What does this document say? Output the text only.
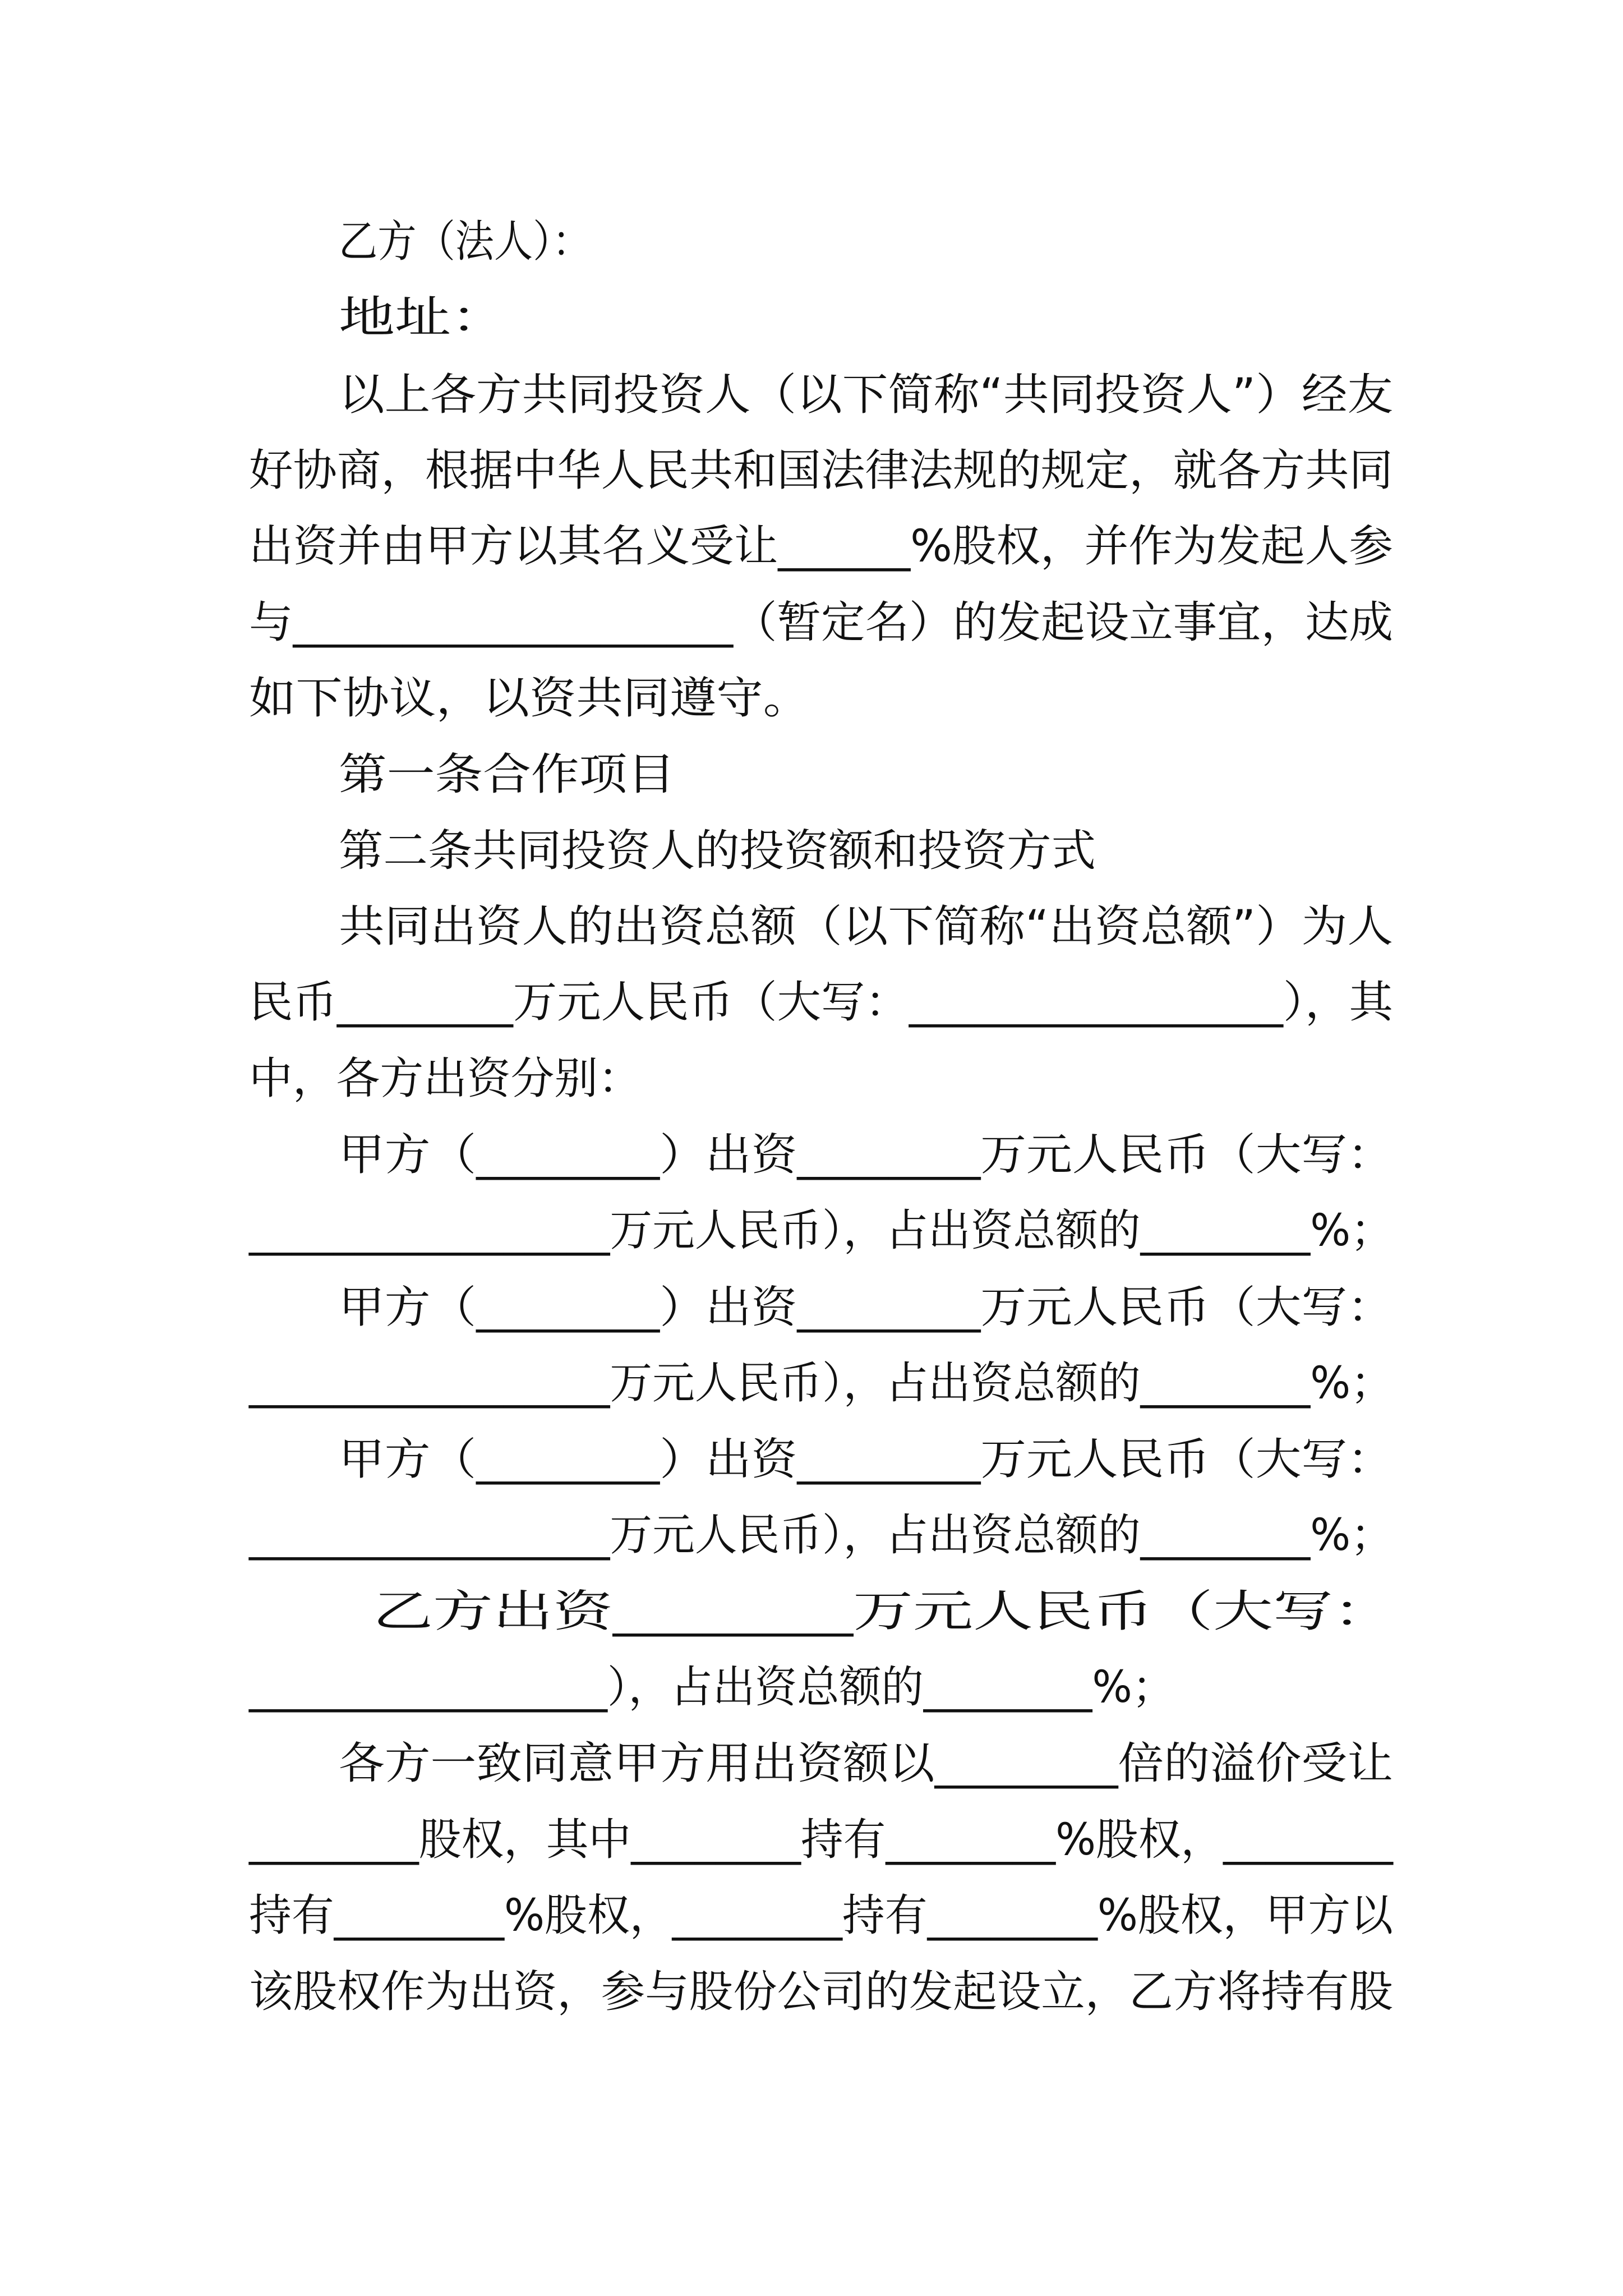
乙方（法人）：
地址：
以上各方共同投资人（以下简称“共同投资人”）经友
好协商，根据中华人民共和国法律法规的规定，就各方共同
出资并由甲方以其名义受让______%股权，并作为发起人参
与____________________（暂定名）的发起设立事宜，达成
如下协议，以资共同遵守。
第一条合作项目
第二条共同投资人的投资额和投资方式
共同出资人的出资总额（以下简称“出资总额”）为人
民币________万元人民币（大写：_________________），其
中，各方出资分别：
甲方（________）出资________万元人民币（大写：
_________________万元人民币），占出资总额的________%；
甲方（________）出资________万元人民币（大写：
_________________万元人民币），占出资总额的________%；
甲方（________）出资________万元人民币（大写：
_________________万元人民币），占出资总额的________%；
乙方出资________万元人民币（大写：
_________________），占出资总额的________%；
各方一致同意甲方用出资额以________倍的溢价受让
________股权，其中________持有________%股权，________
持有________%股权，________持有________%股权，甲方以
该股权作为出资，参与股份公司的发起设立，乙方将持有股
